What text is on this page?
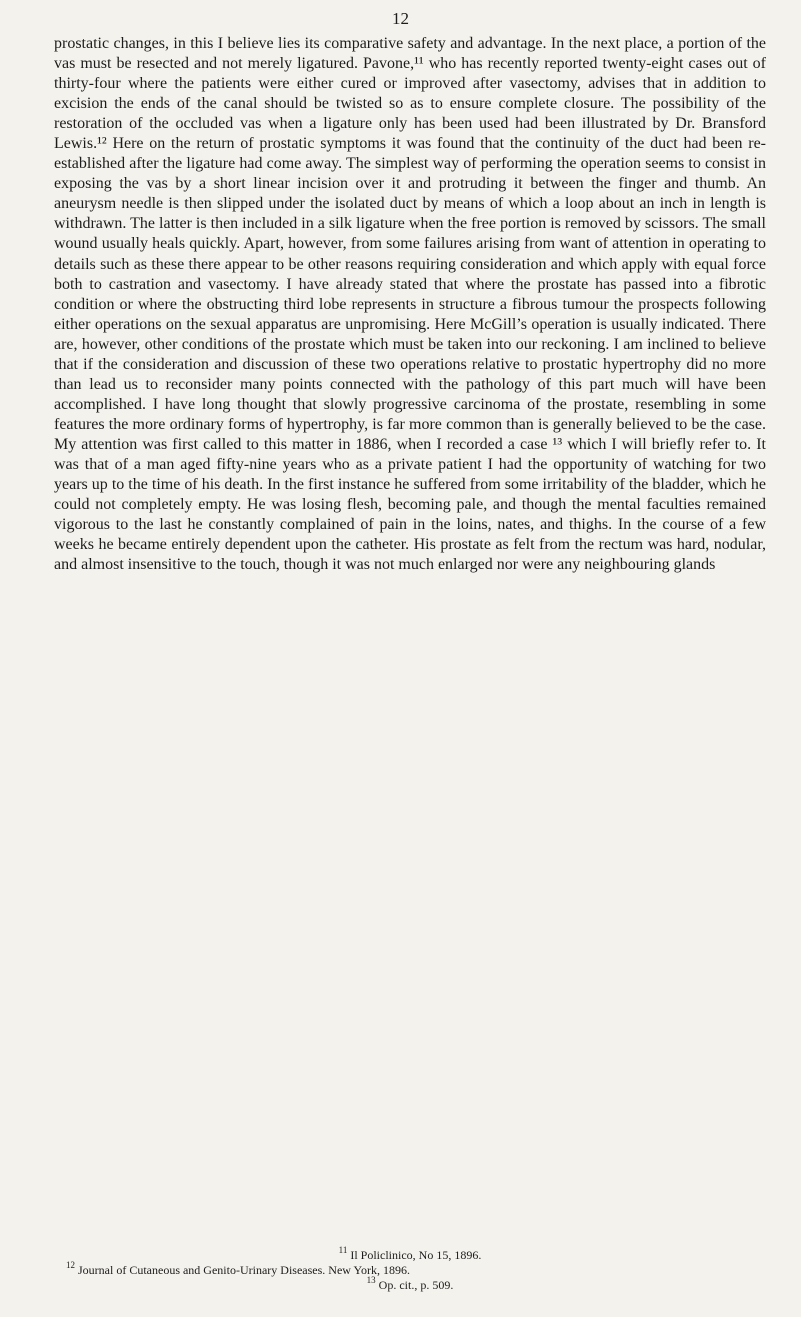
12

prostatic changes, in this I believe lies its comparative safety and advantage. In the next place, a portion of the vas must be resected and not merely ligatured. Pavone,¹¹ who has recently reported twenty-eight cases out of thirty-four where the patients were either cured or improved after vasectomy, advises that in addition to excision the ends of the canal should be twisted so as to ensure complete closure. The possibility of the restoration of the occluded vas when a ligature only has been used had been illustrated by Dr. Bransford Lewis.¹² Here on the return of prostatic symptoms it was found that the continuity of the duct had been re-established after the ligature had come away. The simplest way of performing the operation seems to consist in exposing the vas by a short linear incision over it and protruding it between the finger and thumb. An aneurysm needle is then slipped under the isolated duct by means of which a loop about an inch in length is withdrawn. The latter is then included in a silk ligature when the free portion is removed by scissors. The small wound usually heals quickly. Apart, however, from some failures arising from want of attention in operating to details such as these there appear to be other reasons requiring consideration and which apply with equal force both to castration and vasectomy. I have already stated that where the prostate has passed into a fibrotic condition or where the obstructing third lobe represents in structure a fibrous tumour the prospects following either operations on the sexual apparatus are unpromising. Here McGill’s operation is usually indicated. There are, however, other conditions of the prostate which must be taken into our reckoning. I am inclined to believe that if the consideration and discussion of these two operations relative to prostatic hypertrophy did no more than lead us to reconsider many points connected with the pathology of this part much will have been accomplished. I have long thought that slowly progressive carcinoma of the prostate, resembling in some features the more ordinary forms of hypertrophy, is far more common than is generally believed to be the case. My attention was first called to this matter in 1886, when I recorded a case ¹³ which I will briefly refer to. It was that of a man aged fifty-nine years who as a private patient I had the opportunity of watching for two years up to the time of his death. In the first instance he suffered from some irritability of the bladder, which he could not completely empty. He was losing flesh, becoming pale, and though the mental faculties remained vigorous to the last he constantly complained of pain in the loins, nates, and thighs. In the course of a few weeks he became entirely dependent upon the catheter. His prostate as felt from the rectum was hard, nodular, and almost insensitive to the touch, though it was not much enlarged nor were any neighbouring glands

$^{11}$ Il Policlinico, No 15, 1896.
$^{12}$ Journal of Cutaneous and Genito-Urinary Diseases. New York, 1896.
$^{13}$ Op. cit., p. 509.
